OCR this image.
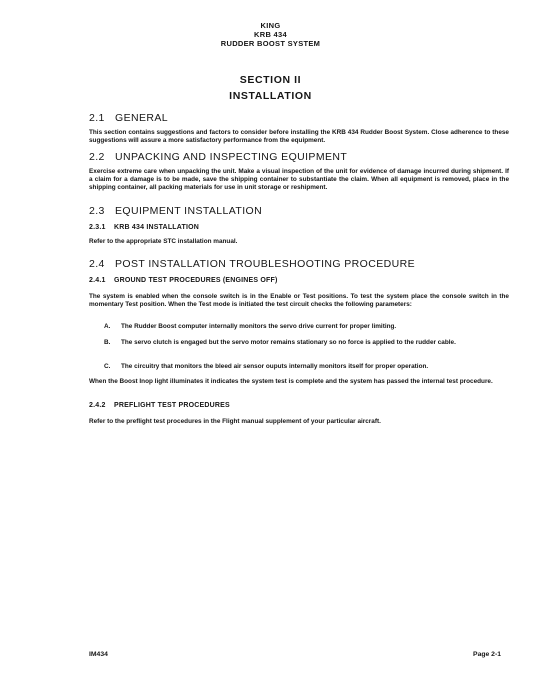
KING
KRB 434
RUDDER BOOST SYSTEM
SECTION II
INSTALLATION
2.1 GENERAL
This section contains suggestions and factors to consider before installing the KRB 434 Rudder Boost System. Close adherence to these suggestions will assure a more satisfactory performance from the equipment.
2.2 UNPACKING AND INSPECTING EQUIPMENT
Exercise extreme care when unpacking the unit. Make a visual inspection of the unit for evidence of damage incurred during shipment. If a claim for a damage is to be made, save the shipping container to substantiate the claim. When all equipment is removed, place in the shipping container, all packing materials for use in unit storage or reshipment.
2.3 EQUIPMENT INSTALLATION
2.3.1 KRB 434 INSTALLATION
Refer to the appropriate STC installation manual.
2.4 POST INSTALLATION TROUBLESHOOTING PROCEDURE
2.4.1 GROUND TEST PROCEDURES (ENGINES OFF)
The system is enabled when the console switch is in the Enable or Test positions. To test the system place the console switch in the momentary Test position. When the Test mode is initiated the test circuit checks the following parameters:
A.	The Rudder Boost computer internally monitors the servo drive current for proper limiting.
B.	The servo clutch is engaged but the servo motor remains stationary so no force is applied to the rudder cable.
C.	The circuitry that monitors the bleed air sensor ouputs internally monitors itself for proper operation.
When the Boost Inop light illuminates it indicates the system test is complete and the system has passed the internal test procedure.
2.4.2 PREFLIGHT TEST PROCEDURES
Refer to the preflight test procedures in the Flight manual supplement of your particular aircraft.
IM434	Page 2-1
